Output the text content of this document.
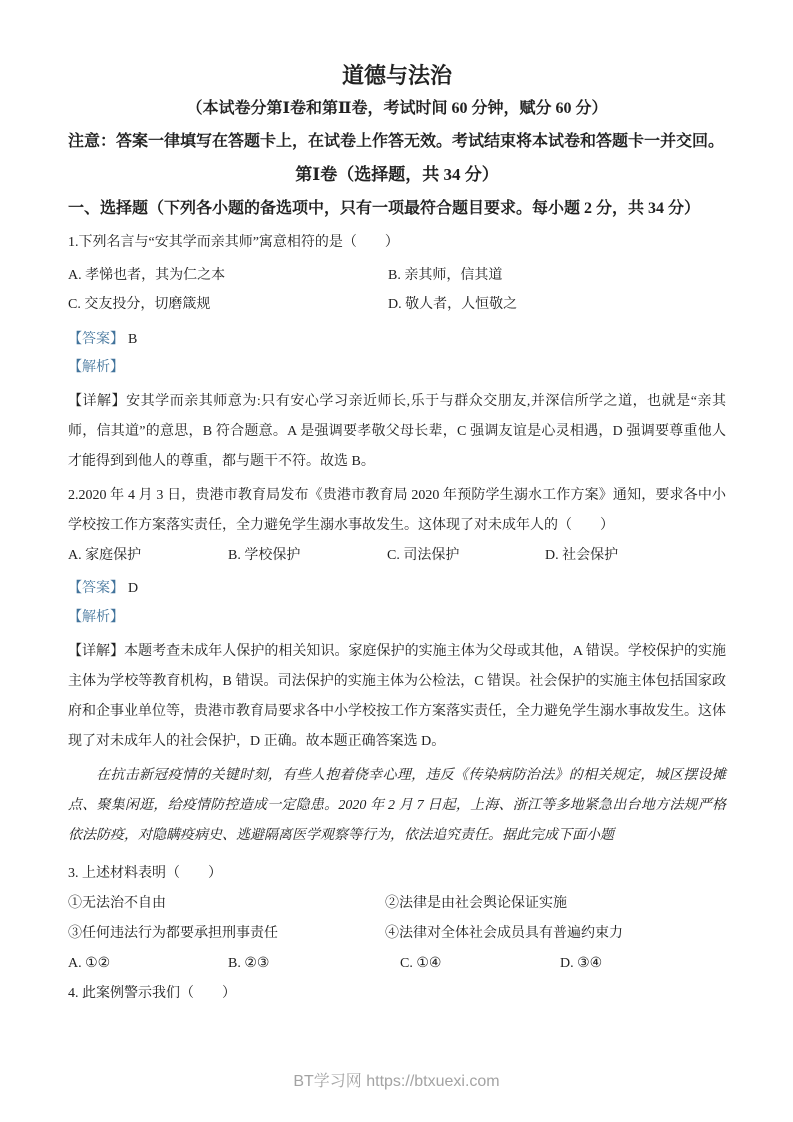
道德与法治

（本试卷分第Ⅰ卷和第Ⅱ卷，考试时间 60 分钟，赋分 60 分）

注意：答案一律填写在答题卡上，在试卷上作答无效。考试结束将本试卷和答题卡一并交回。

第Ⅰ卷（选择题，共 34 分）

一、选择题（下列各小题的备选项中，只有一项最符合题目要求。每小题 2 分，共 34 分）

1.下列名言与“安其学而亲其师”寓意相符的是（　　）

A. 孝悌也者，其为仁之本	B. 亲其师，信其道
C. 交友投分，切磨箴规	D. 敬人者，人恒敬之

【答案】 B

【解析】

【详解】安其学而亲其师意为:只有安心学习亲近师长,乐于与群众交朋友,并深信所学之道，也就是“亲其师，信其道”的意思，B 符合题意。A 是强调要孝敬父母长辈，C 强调友谊是心灵相遇，D 强调要尊重他人才能得到到他人的尊重，都与题干不符。故选 B。

2.2020 年 4 月 3 日，贵港市教育局发布《贵港市教育局 2020 年预防学生溺水工作方案》通知，要求各中小学校按工作方案落实责任，全力避免学生溺水事故发生。这体现了对未成年人的（　　）

A. 家庭保护	B. 学校保护	C. 司法保护	D. 社会保护

【答案】 D

【解析】

【详解】本题考查未成年人保护的相关知识。家庭保护的实施主体为父母或其他，A 错误。学校保护的实施主体为学校等教育机构，B 错误。司法保护的实施主体为公检法，C 错误。社会保护的实施主体包括国家政府和企事业单位等，贵港市教育局要求各中小学校按工作方案落实责任，全力避免学生溺水事故发生。这体现了对未成年人的社会保护，D 正确。故本题正确答案选 D。

在抗击新冠疫情的关键时刻，有些人抱着侥幸心理，违反《传染病防治法》的相关规定，城区摆设摊点、聚集闲逛，给疫情防控造成一定隐患。2020 年 2 月 7 日起，上海、浙江等多地紧急出台地方法规严格依法防疫，对隐瞒疫病史、逃避隔离医学观察等行为，依法追究责任。据此完成下面小题

3. 上述材料表明（　　）

①无法治不自由	②法律是由社会舆论保证实施
③任何违法行为都要承担刑事责任	④法律对全体社会成员具有普遍约束力
A. ①②	B. ②③	C. ①④	D. ③④

4. 此案例警示我们（　　）

BT学习网 https://btxuexi.com
